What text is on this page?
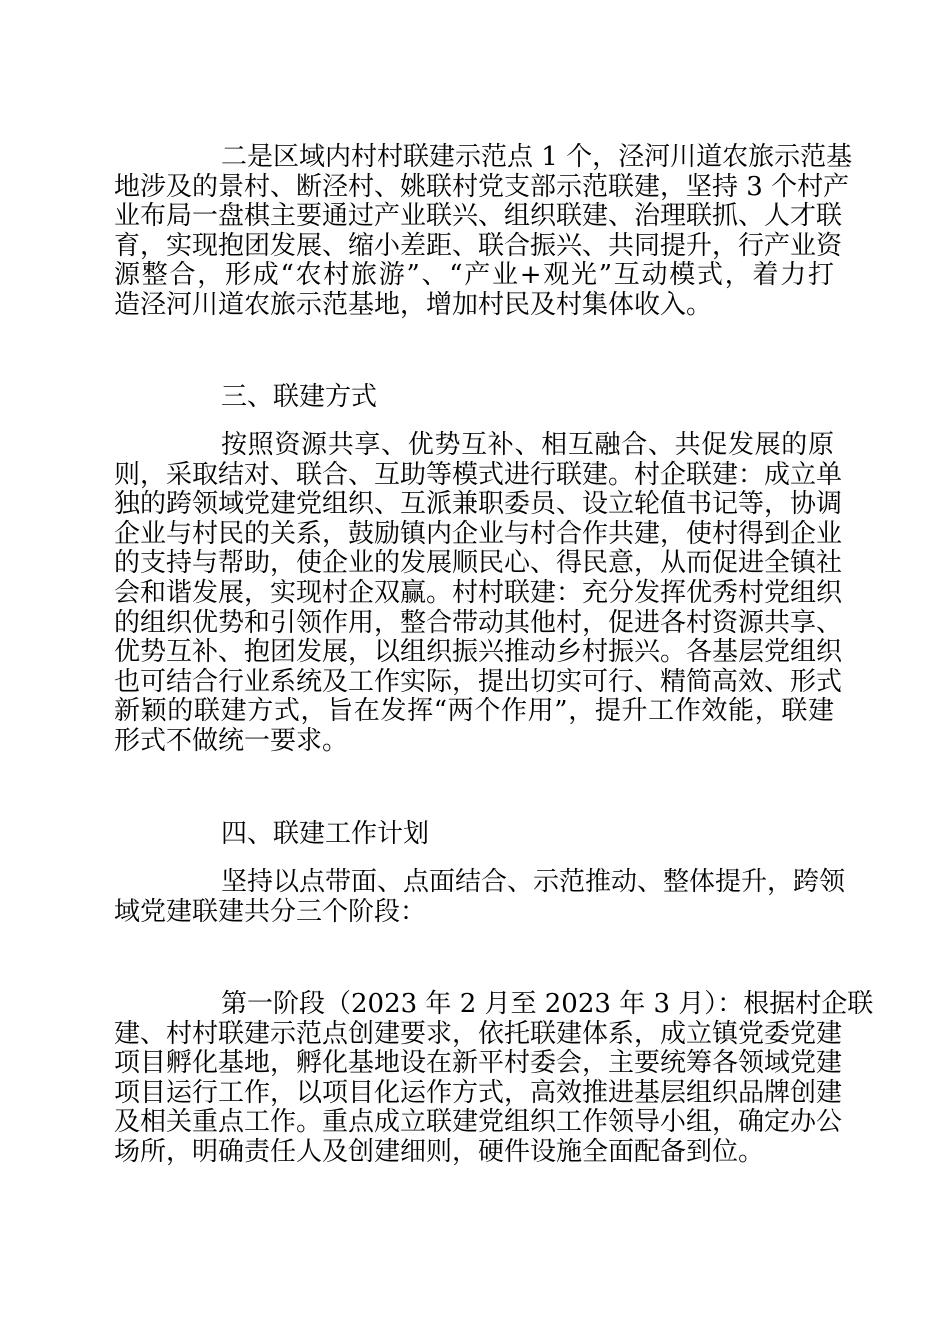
二是区域内村村联建示范点 1 个，泾河川道农旅示范基
地涉及的景村、断泾村、姚联村党支部示范联建，坚持 3 个村产
业布局一盘棋主要通过产业联兴、组织联建、治理联抓、人才联
育，实现抱团发展、缩小差距、联合振兴、共同提升，行产业资
源整合，形成“农村旅游”、“产业+观光”互动模式，着力打
造泾河川道农旅示范基地，增加村民及村集体收入。
三、联建方式
按照资源共享、优势互补、相互融合、共促发展的原
则，采取结对、联合、互助等模式进行联建。村企联建：成立单
独的跨领域党建党组织、互派兼职委员、设立轮值书记等，协调
企业与村民的关系，鼓励镇内企业与村合作共建，使村得到企业
的支持与帮助，使企业的发展顺民心、得民意，从而促进全镇社
会和谐发展，实现村企双赢。村村联建：充分发挥优秀村党组织
的组织优势和引领作用，整合带动其他村，促进各村资源共享、
优势互补、抱团发展，以组织振兴推动乡村振兴。各基层党组织
也可结合行业系统及工作实际，提出切实可行、精简高效、形式
新颖的联建方式，旨在发挥“两个作用”，提升工作效能，联建
形式不做统一要求。
四、联建工作计划
坚持以点带面、点面结合、示范推动、整体提升，跨领
域党建联建共分三个阶段：
第一阶段（2023 年 2 月至 2023 年 3 月）：根据村企联
建、村村联建示范点创建要求，依托联建体系，成立镇党委党建
项目孵化基地，孵化基地设在新平村委会，主要统筹各领域党建
项目运行工作，以项目化运作方式，高效推进基层组织品牌创建
及相关重点工作。重点成立联建党组织工作领导小组，确定办公
场所，明确责任人及创建细则，硬件设施全面配备到位。
